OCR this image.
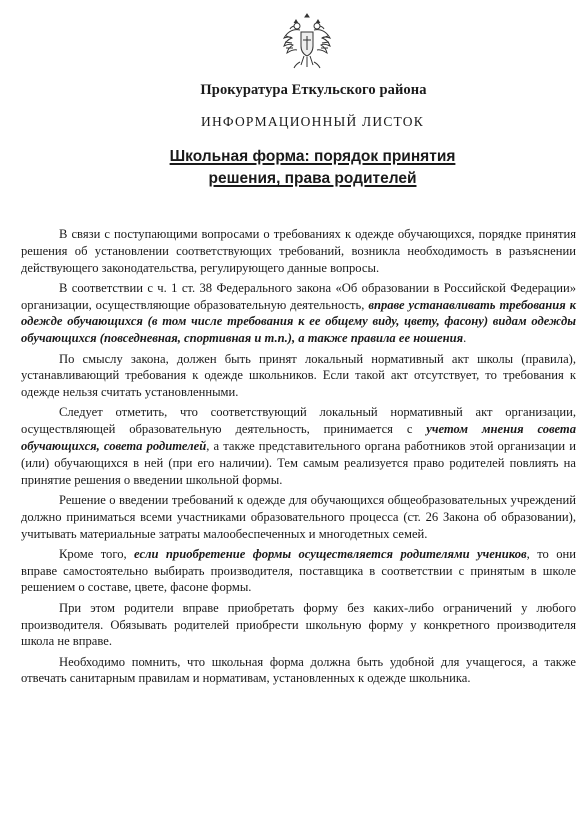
Прокуратура Еткульского района
ИНФОРМАЦИОННЫЙ ЛИСТОК
Школьная форма: порядок принятия
решения, права родителей

В связи с поступающими вопросами о требованиях к одежде обучающихся, порядке принятия решения об установлении соответствующих требований, возникла необходимость в разъяснении действующего законодательства, регулирующего данные вопросы.

В соответствии с ч. 1 ст. 38 Федерального закона «Об образовании в Российской Федерации» организации, осуществляющие образовательную деятельность, вправе устанавливать требования к одежде обучающихся (в том числе требования к ее общему виду, цвету, фасону) видам одежды обучающихся (повседневная, спортивная и т.п.), а также правила ее ношения.

По смыслу закона, должен быть принят локальный нормативный акт школы (правила), устанавливающий требования к одежде школьников. Если такой акт отсутствует, то требования к одежде нельзя считать установленными.

Следует отметить, что соответствующий локальный нормативный акт организации, осуществляющей образовательную деятельность, принимается с учетом мнения совета обучающихся, совета родителей, а также представительного органа работников этой организации и (или) обучающихся в ней (при его наличии). Тем самым реализуется право родителей повлиять на принятие решения о введении школьной формы.

Решение о введении требований к одежде для обучающихся общеобразовательных учреждений должно приниматься всеми участниками образовательного процесса (ст. 26 Закона об образовании), учитывать материальные затраты малообеспеченных и многодетных семей.

Кроме того, если приобретение формы осуществляется родителями учеников, то они вправе самостоятельно выбирать производителя, поставщика в соответствии с принятым в школе решением о составе, цвете, фасоне формы.

При этом родители вправе приобретать форму без каких-либо ограничений у любого производителя. Обязывать родителей приобрести школьную форму у конкретного производителя школа не вправе.

Необходимо помнить, что школьная форма должна быть удобной для учащегося, а также отвечать санитарным правилам и нормативам, установленных к одежде школьника.
